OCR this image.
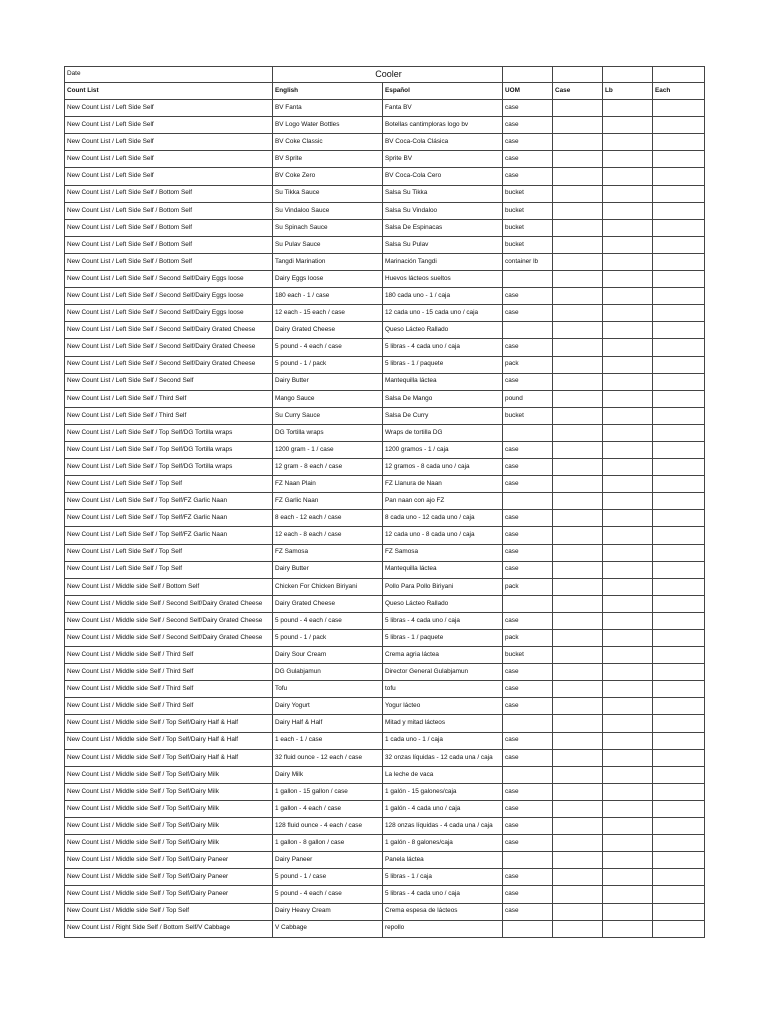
Date	Cooler					
Count List	English	Español	UOM	Case	Lb	Each
New Count List / Left Side Self	BV Fanta	Fanta BV	case			
New Count List / Left Side Self	BV Logo Water Bottles	Botellas cantimploras logo bv	case			
New Count List / Left Side Self	BV Coke Classic	BV Coca-Cola Clásica	case			
New Count List / Left Side Self	BV Sprite	Sprite BV	case			
New Count List / Left Side Self	BV Coke Zero	BV Coca-Cola Cero	case			
New Count List / Left Side Self / Bottom Self	Su Tikka Sauce	Salsa Su Tikka	bucket			
New Count List / Left Side Self / Bottom Self	Su Vindaloo Sauce	Salsa Su Vindaloo	bucket			
New Count List / Left Side Self / Bottom Self	Su Spinach Sauce	Salsa De Espinacas	bucket			
New Count List / Left Side Self / Bottom Self	Su Pulav Sauce	Salsa Su Pulav	bucket			
New Count List / Left Side Self / Bottom Self	Tangdi Marination	Marinación Tangdi	container lb			
New Count List / Left Side Self / Second Self/Dairy Eggs loose	Dairy Eggs loose	Huevos lácteos sueltos				
New Count List / Left Side Self / Second Self/Dairy Eggs loose	180 each - 1 / case	180 cada uno - 1 / caja	case			
New Count List / Left Side Self / Second Self/Dairy Eggs loose	12 each - 15 each / case	12 cada uno - 15 cada uno / caja	case			
New Count List / Left Side Self / Second Self/Dairy Grated Cheese	Dairy Grated Cheese	Queso Lácteo Rallado				
New Count List / Left Side Self / Second Self/Dairy Grated Cheese	5 pound - 4 each / case	5 libras - 4 cada uno / caja	case			
New Count List / Left Side Self / Second Self/Dairy Grated Cheese	5 pound - 1 / pack	5 libras - 1 / paquete	pack			
New Count List / Left Side Self / Second Self	Dairy Butter	Mantequilla láctea	case			
New Count List / Left Side Self / Third Self	Mango Sauce	Salsa De Mango	pound			
New Count List / Left Side Self / Third Self	Su Curry Sauce	Salsa De Curry	bucket			
New Count List / Left Side Self / Top Self/DG Tortilla wraps	DG Tortilla wraps	Wraps de tortilla DG				
New Count List / Left Side Self / Top Self/DG Tortilla wraps	1200 gram - 1 / case	1200 gramos - 1 / caja	case			
New Count List / Left Side Self / Top Self/DG Tortilla wraps	12 gram - 8 each / case	12 gramos - 8 cada uno / caja	case			
New Count List / Left Side Self / Top Self	FZ Naan Plain	FZ Llanura de Naan	case			
New Count List / Left Side Self / Top Self/FZ Garlic Naan	FZ Garlic Naan	Pan naan con ajo FZ				
New Count List / Left Side Self / Top Self/FZ Garlic Naan	8 each - 12 each / case	8 cada uno - 12 cada uno / caja	case			
New Count List / Left Side Self / Top Self/FZ Garlic Naan	12 each - 8 each / case	12 cada uno - 8 cada uno / caja	case			
New Count List / Left Side Self / Top Self	FZ Samosa	FZ Samosa	case			
New Count List / Left Side Self / Top Self	Dairy Butter	Mantequilla láctea	case			
New Count List / Middle side Self / Bottom Self	Chicken For Chicken Biriyani	Pollo Para Pollo Biriyani	pack			
New Count List / Middle side Self / Second Self/Dairy Grated Cheese	Dairy Grated Cheese	Queso Lácteo Rallado				
New Count List / Middle side Self / Second Self/Dairy Grated Cheese	5 pound - 4 each / case	5 libras - 4 cada uno / caja	case			
New Count List / Middle side Self / Second Self/Dairy Grated Cheese	5 pound - 1 / pack	5 libras - 1 / paquete	pack			
New Count List / Middle side Self / Third Self	Dairy Sour Cream	Crema agria láctea	bucket			
New Count List / Middle side Self / Third Self	DG Gulabjamun	Director General Gulabjamun	case			
New Count List / Middle side Self / Third Self	Tofu	tofu	case			
New Count List / Middle side Self / Third Self	Dairy Yogurt	Yogur lácteo	case			
New Count List / Middle side Self / Top Self/Dairy Half & Half	Dairy Half & Half	Mitad y mitad lácteos				
New Count List / Middle side Self / Top Self/Dairy Half & Half	1 each - 1 / case	1 cada uno - 1 / caja	case			
New Count List / Middle side Self / Top Self/Dairy Half & Half	32 fluid ounce - 12 each / case	32 onzas líquidas - 12 cada una / caja	case			
New Count List / Middle side Self / Top Self/Dairy Milk	Dairy Milk	La leche de vaca				
New Count List / Middle side Self / Top Self/Dairy Milk	1 gallon - 15 gallon / case	1 galón - 15 galones/caja	case			
New Count List / Middle side Self / Top Self/Dairy Milk	1 gallon - 4 each / case	1 galón - 4 cada uno / caja	case			
New Count List / Middle side Self / Top Self/Dairy Milk	128 fluid ounce - 4 each / case	128 onzas líquidas - 4 cada una / caja	case			
New Count List / Middle side Self / Top Self/Dairy Milk	1 gallon - 8 gallon / case	1 galón - 8 galones/caja	case			
New Count List / Middle side Self / Top Self/Dairy Paneer	Dairy Paneer	Panela láctea				
New Count List / Middle side Self / Top Self/Dairy Paneer	5 pound - 1 / case	5 libras - 1 / caja	case			
New Count List / Middle side Self / Top Self/Dairy Paneer	5 pound - 4 each / case	5 libras - 4 cada uno / caja	case			
New Count List / Middle side Self / Top Self	Dairy Heavy Cream	Crema espesa de lácteos	case			
New Count List / Right Side Self / Bottom Self/V Cabbage	V Cabbage	repollo				
